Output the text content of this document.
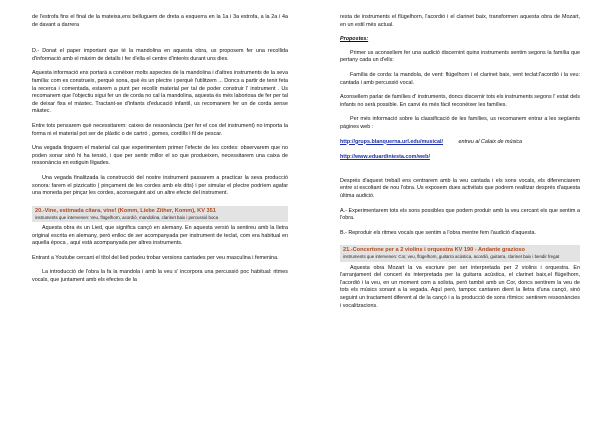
de l'estrofa fins el final de la mateixa,ens belluguem de dreta a esquerra en la 1a i 3a estrofa, a la 2a i 4a de davant a darrera

D.- Donat el paper important que té la mandolina en aquesta obra, us proposem fer una recollida d'informació amb el màxim de detalls i fer d'ella el centre d'interès durant uns dies.

Aquesta informació ens portarà a conèixer molts aspectes de la mandolina i d'altres instruments de la seva família: com es construeix, perquè sona, què és un plectre i perquè l'utilitzem ... Doncs a partir de tenir feta la recerca i comentada, estarem a punt per recollir material per tal de poder construir l' instrument . Us recomanem que l'objectiu sigui fer un de corda no cal la mandolina, aquesta és més laboriosa de fer per tal de deixar fixa el màstec. Tractant-se d'infants d'educació infantil, us recomanem fer un de corda sense màstec.

Entre tots pensarem què necessitarem: caixes de ressonància (per fer el cos del instrument) no importa la forma ni el material pot ser de plàstic o de cartró , gomes, cordills i fil de pescar.

Una vegada tinguem el material cal que experimentem primer l'efecte de les cordes: observarem que no poden sonar sinó hi ha tensió, i que per sentir millor el so que produeixen, necessitarem una caixa de ressonància en estiguin lligades.

Una vegada finalitzada la construcció del nostre instrument passarem a practicar la seva producció sonora: farem el pizzicatto ( pinçament de les cordes amb els dits) i per simular el plectre podríem agafar una moneda per pinçar les cordes, aconseguint així un altre efecte del instrument.

20.-Vine, estimada cítara, vine! (Komm, Liebe Zither, Komm), KV 351
instruments que intervenen: Veu, flügelhorn, acordió, mandolina, clarinet baix i percussió boca

Aquesta obra és un Lied, que significa cançó en alemany. En aquesta versió la sentireu amb la lletra original escrita en alemany, però enlloc de ser acompanyada per instrument de teclat, com era habitual en aquella època , aquí està acompanyada per altres instruments.

Entrant a Youtube cercant el títol del lied podeu trobar versions cantades per veu masculina i femenina.

La introducció de l'obra la fa la mandola i amb la veu s' incorpora una percussió poc habitual: ritmes vocals, que juntament amb els efectes de la

resta de instruments el flügelhorn, l'acordió i el clarinet baix, transformen aquesta obra de Mozart, en un estil més actual.

Propostes:

Primer us aconsellem fer una audició discernint quins instruments sentim segons la família que pertany cada un d'ells:

Família de corda: la mandola, de vent: flügelhorn i el clarinet baix, vent teclat:l'acordió i la veu: cantada i amb percussió vocal.

Aconsellem parlar de famílies d' instruments, doncs discernir tots els instruments segons l' estat dels infants no serà possible. En canvi és més fàcil reconèixer les famílies.

Per més informació sobre la classificació de les famílies, us recomanem entrar a les següents pàgines web :

http://grups.blanquerna.url.edu/musical/	entreu al Calaix de música
http://www.eduardiniesta.com/web/

Després d'aquest treball ens centrarem amb la veu cantada i els sons vocals, els diferenciarem entre si escoltant de nou l'obra. Us exposem dues activitats que podrem realitzar després d'aquesta última audició.

A.- Experimentarem tots els sons possibles que podem produir amb la veu cercant els que sentim a l'obra.

B.- Reproduir els ritmes vocals que sentim a l'obra mentre fem l'audició d'aquesta.

21.-Concertone per a 2 violins i orquestra KV 190 - Andante grazioso
instruments que intervenen: Cor, veu, flügelhorn, guitarra acústica, acordió, guitarra, clarinet baix i bendir fregat

Aquesta obra Mozart la va escriure per ser interpretada per 2 violins i orquestra. En l'arranjament del concert és interpretada per la guitarra acústica, el clarinet baix,el flügelhorn, l'acordió i la veu, en un moment com a solista, però també amb un Cor, doncs sentirem la veu de tots els músics sonant a la vegada. Aquí però, tampoc cantaren dient la lletra d'una cançó, sinó seguint un tractament diferent al de la cançó i a la producció de sons rítmics: sentirem ressonàncies i vocalitzacions.
